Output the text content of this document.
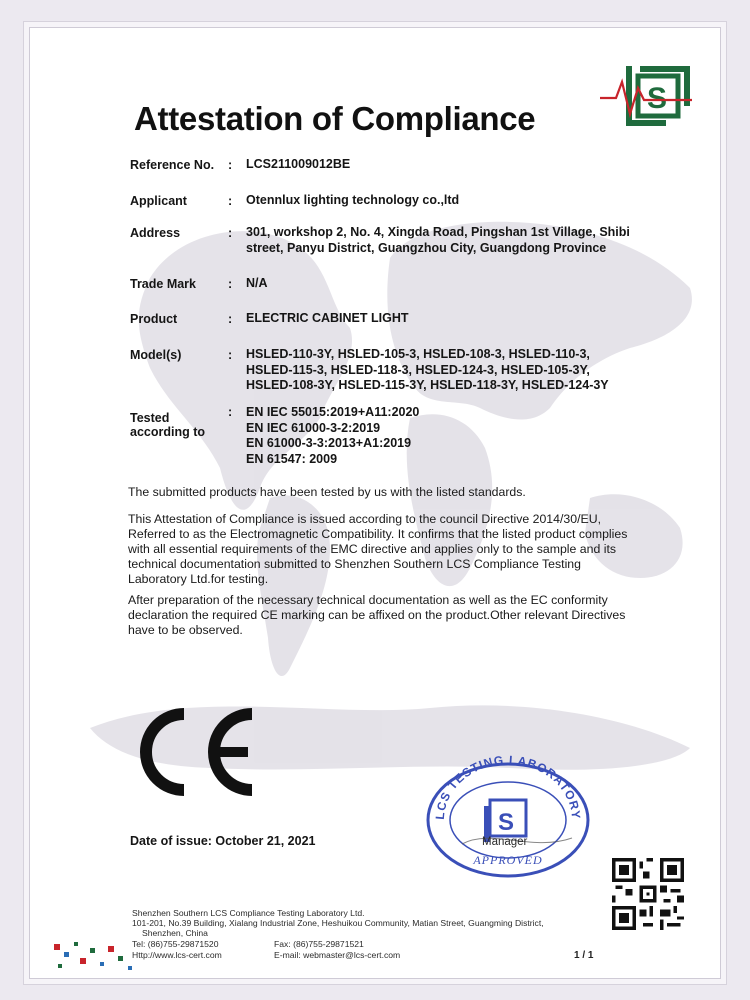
Attestation of Compliance
S
Reference No. : LCS211009012BE
Applicant	: Otennlux lighting technology co.,ltd
Address	: 301, workshop 2, No. 4, Xingda Road, Pingshan 1st Village, Shibi
street, Panyu District, Guangzhou City, Guangdong Province
Trade Mark	: N/A
Product	: ELECTRIC CABINET LIGHT
Model(s)	: HSLED-110-3Y, HSLED-105-3, HSLED-108-3, HSLED-110-3,
HSLED-115-3, HSLED-118-3, HSLED-124-3, HSLED-105-3Y,
HSLED-108-3Y, HSLED-115-3Y, HSLED-118-3Y, HSLED-124-3Y
Tested
according to
: EN IEC 55015:2019+A11:2020
EN IEC 61000-3-2:2019
EN 61000-3-3:2013+A1:2019
EN 61547: 2009
The submitted products have been tested by us with the listed standards.
This Attestation of Compliance is issued according to the council Directive 2014/30/EU,
Referred to as the Electromagnetic Compatibility. It confirms that the listed product complies
with all essential requirements of the EMC directive and applies only to the sample and its
technical documentation submitted to Shenzhen Southern LCS Compliance Testing
Laboratory Ltd.for testing.
After preparation of the necessary technical documentation as well as the EC conformity
declaration the required CE marking can be affixed on the product.Other relevant Directives
have to be observed.
LCS TESTING LABORATORY
S
APPROVED
Date of issue: October 21, 2021	Manager
Shenzhen Southern LCS Compliance Testing Laboratory Ltd.
101-201, No.39 Building, Xialang Industrial Zone, Heshuikou Community, Matian Street, Guangming District,
Shenzhen, China
Tel: (86)755-29871520	Fax: (86)755-29871521
Http://www.lcs-cert.com	E-mail: webmaster@lcs-cert.com	1 / 1
